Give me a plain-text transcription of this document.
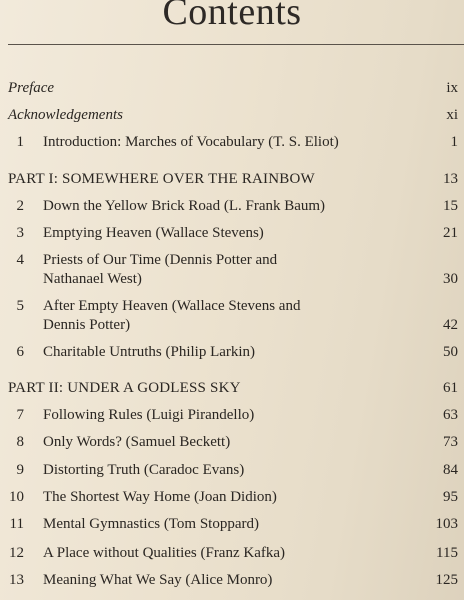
Contents
Preface	ix
Acknowledgements	xi
1 Introduction: Marches of Vocabulary (T. S. Eliot)	1
PART I: SOMEWHERE OVER THE RAINBOW	13
2 Down the Yellow Brick Road (L. Frank Baum)	15
3 Emptying Heaven (Wallace Stevens)	21
4 Priests of Our Time (Dennis Potter and
Nathanael West)	30
5 After Empty Heaven (Wallace Stevens and
Dennis Potter)	42
6 Charitable Untruths (Philip Larkin)	50
PART II: UNDER A GODLESS SKY	61
7 Following Rules (Luigi Pirandello)	63
8 Only Words? (Samuel Beckett)	73
9 Distorting Truth (Caradoc Evans)	84
10 The Shortest Way Home (Joan Didion)	95
11 Mental Gymnastics (Tom Stoppard)	103
12 A Place without Qualities (Franz Kafka)	115
13 Meaning What We Say (Alice Monro)	125
